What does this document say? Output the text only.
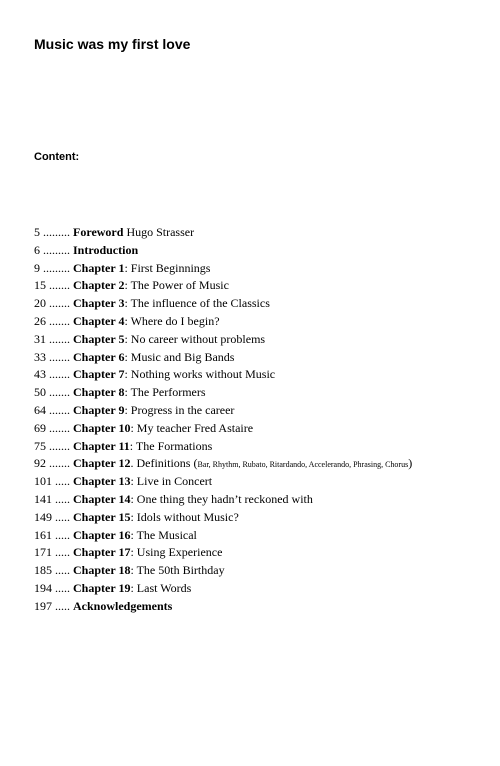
Music was my first love
Content:
5 ......... Foreword Hugo Strasser
6 ......... Introduction
9 ......... Chapter 1: First Beginnings
15 ....... Chapter 2: The Power of Music
20 ....... Chapter 3: The influence of the Classics
26 ....... Chapter 4: Where do I begin?
31 ....... Chapter 5: No career without problems
33 ....... Chapter 6: Music and Big Bands
43 ....... Chapter 7: Nothing works without Music
50 ....... Chapter 8: The Performers
64 ....... Chapter 9: Progress in the career
69 ....... Chapter 10: My teacher Fred Astaire
75 ....... Chapter 11: The Formations
92 ....... Chapter 12. Definitions (Bar, Rhythm, Rubato, Ritardando, Accelerando, Phrasing, Chorus)
101 ..... Chapter 13: Live in Concert
141 ..... Chapter 14: One thing they hadn’t reckoned with
149 ..... Chapter 15: Idols without Music?
161 ..... Chapter 16: The Musical
171 ..... Chapter 17: Using Experience
185 ..... Chapter 18: The 50th Birthday
194 ..... Chapter 19: Last Words
197 ..... Acknowledgements
